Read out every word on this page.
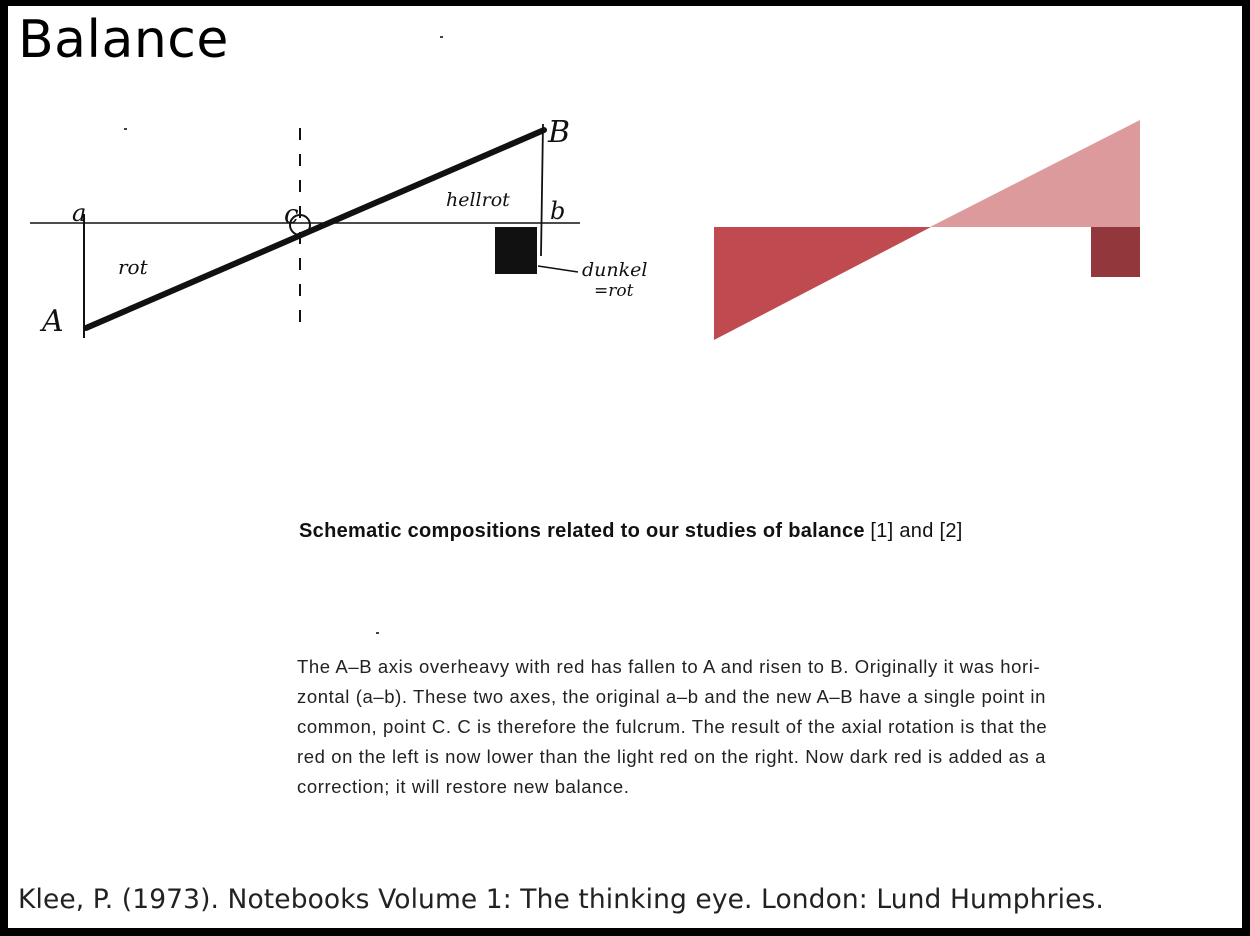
Balance
a	c	b
B
A
rot
hellrot
dunkel
=rot

Schematic compositions related to our studies of balance [1] and [2]

The A–B axis overheavy with red has fallen to A and risen to B. Originally it was hori-
zontal (a–b). These two axes, the original a–b and the new A–B have a single point in
common, point C. C is therefore the fulcrum. The result of the axial rotation is that the
red on the left is now lower than the light red on the right. Now dark red is added as a
correction; it will restore new balance.

Klee, P. (1973). Notebooks Volume 1: The thinking eye. London: Lund Humphries.
